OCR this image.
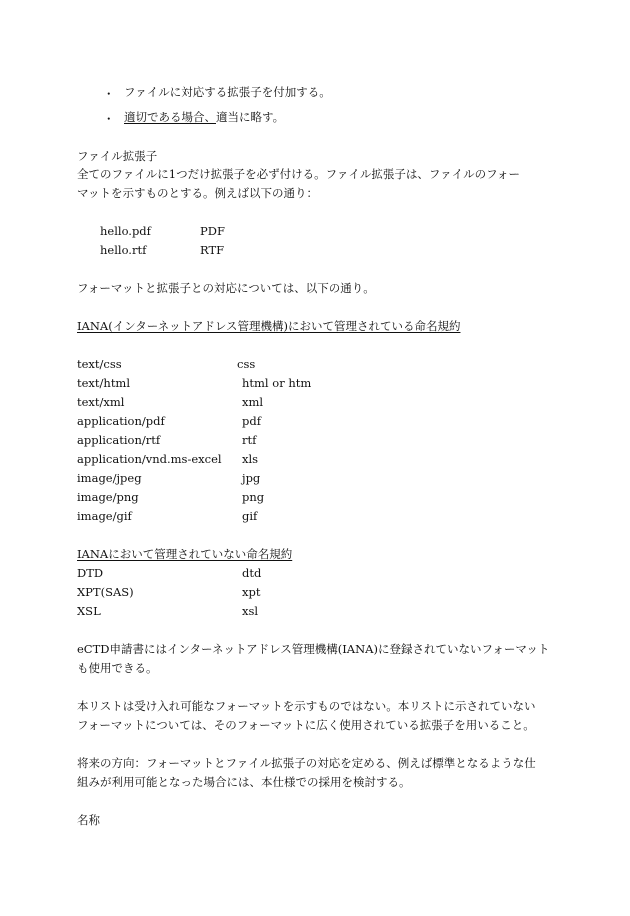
・ ファイルに対応する拡張子を付加する。
・ 適切である場合、適当に略す。
ファイル拡張子
全てのファイルに1つだけ拡張子を必ず付ける。ファイル拡張子は、ファイルのフォー
マットを示すものとする。例えば以下の通り：
hello.pdf	PDF
hello.rtf	RTF
フォーマットと拡張子との対応については、以下の通り。
IANA(インターネットアドレス管理機構)において管理されている命名規約
text/css	css
text/html	html or htm
text/xml	xml
application/pdf	pdf
application/rtf	rtf
application/vnd.ms-excel xls
image/jpeg	jpg
image/png	png
image/gif	gif
IANAにおいて管理されていない命名規約
DTD	dtd
XPT(SAS)	xpt
XSL	xsl
eCTD申請書にはインターネットアドレス管理機構(IANA)に登録されていないフォーマット
も使用できる。
本リストは受け入れ可能なフォーマットを示すものではない。本リストに示されていない
フォーマットについては、そのフォーマットに広く使用されている拡張子を用いること。
将来の方向：フォーマットとファイル拡張子の対応を定める、例えば標準となるような仕
組みが利用可能となった場合には、本仕様での採用を検討する。
名称
